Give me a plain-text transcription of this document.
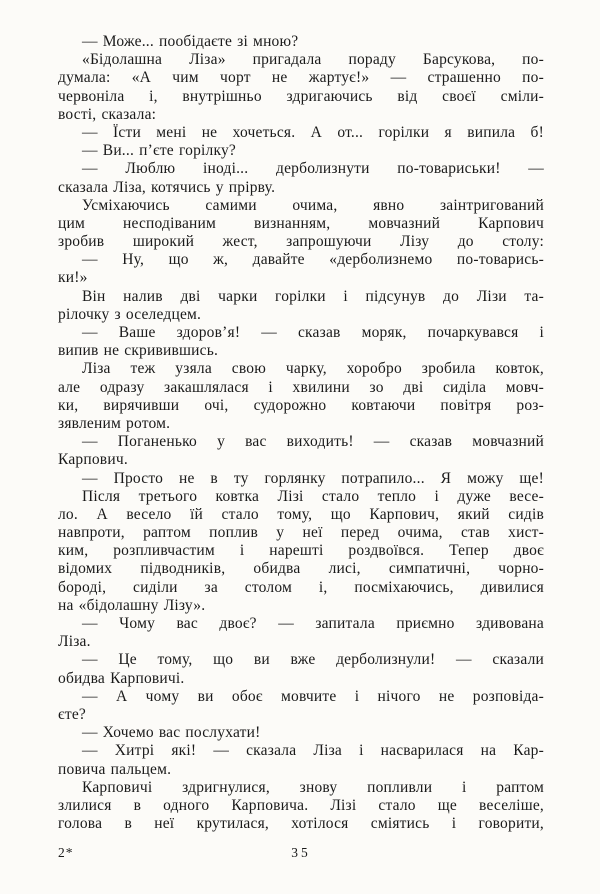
— Може... пообідаєте зі мною?
«Бідолашна Ліза» пригадала пораду Барсукова, по-
думала: «А чим чорт не жартує!» — страшенно по-
червоніла і, внутрішньо здригаючись від своєї сміли-
вості, сказала:
— Їсти мені не хочеться. А от... горілки я випила б!
— Ви... п’єте горілку?
— Люблю іноді... дерболизнути по-товариськи! —
сказала Ліза, котячись у прірву.
Усміхаючись самими очима, явно заінтригований
цим несподіваним визнанням, мовчазний Карпович
зробив широкий жест, запрошуючи Лізу до столу:
— Ну, що ж, давайте «дерболизнемо по-товарись-
ки!»
Він налив дві чарки горілки і підсунув до Лізи та-
рілочку з оселедцем.
— Ваше здоров’я! — сказав моряк, почаркувався і
випив не скривившись.
Ліза теж узяла свою чарку, хоробро зробила ковток,
але одразу закашлялася і хвилини зо дві сиділа мовч-
ки, вирячивши очі, судорожно ковтаючи повітря роз-
зявленим ротом.
— Поганенько у вас виходить! — сказав мовчазний
Карпович.
— Просто не в ту горлянку потрапило... Я можу ще!
Після третього ковтка Лізі стало тепло і дуже весе-
ло. А весело їй стало тому, що Карпович, який сидів
навпроти, раптом поплив у неї перед очима, став хист-
ким, розпливчастим і нарешті роздвоївся. Тепер двоє
відомих підводників, обидва лисі, симпатичні, чорно-
бороді, сиділи за столом і, посміхаючись, дивилися
на «бідолашну Лізу».
— Чому вас двоє? — запитала приємно здивована
Ліза.
— Це тому, що ви вже дерболизнули! — сказали
обидва Карповичі.
— А чому ви обоє мовчите і нічого не розповіда-
єте?
— Хочемо вас послухати!
— Хитрі які! — сказала Ліза і насварилася на Кар-
повича пальцем.
Карповичі здригнулися, знову попливли і раптом
злилися в одного Карповича. Лізі стало ще веселіше,
голова в неї крутилася, хотілося сміятись і говорити,
2*	35
